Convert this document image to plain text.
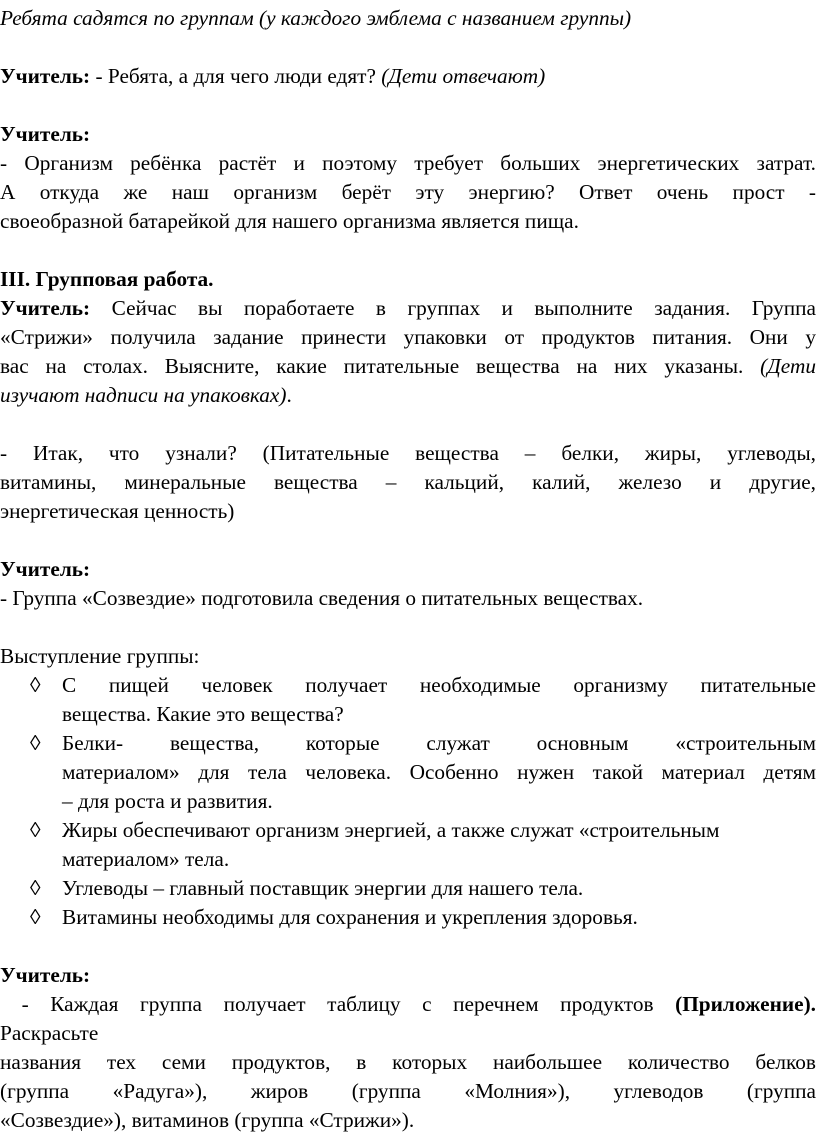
Ребята садятся по группам (у каждого эмблема с названием группы)
Учитель: - Ребята, а для чего люди едят? (Дети отвечают)
Учитель:
- Организм ребёнка растёт и поэтому требует больших энергетических затрат.
А откуда же наш организм берёт эту энергию? Ответ очень прост -
своеобразной батарейкой для нашего организма является пища.
III. Групповая работа.
Учитель: Сейчас вы поработаете в группах и выполните задания. Группа
«Стрижи» получила задание принести упаковки от продуктов питания. Они у
вас на столах. Выясните, какие питательные вещества на них указаны. (Дети
изучают надписи на упаковках).
- Итак, что узнали? (Питательные вещества – белки, жиры, углеводы,
витамины, минеральные вещества – кальций, калий, железо и другие,
энергетическая ценность)
Учитель:
- Группа «Созвездие» подготовила сведения о питательных веществах.
Выступление группы:
◊	С пищей человек получает необходимые организму питательные
вещества. Какие это вещества?
◊	Белки- вещества, которые служат основным «строительным
материалом» для тела человека. Особенно нужен такой материал детям
– для роста и развития.
◊	Жиры обеспечивают организм энергией, а также служат «строительным
материалом» тела.
◊	Углеводы – главный поставщик энергии для нашего тела.
◊	Витамины необходимы для сохранения и укрепления здоровья.
Учитель:
- Каждая группа получает таблицу с перечнем продуктов (Приложение).
Раскрасьте
названия тех семи продуктов, в которых наибольшее количество белков
(группа «Радуга»), жиров (группа «Молния»), углеводов (группа
«Созвездие»), витаминов (группа «Стрижи»).
